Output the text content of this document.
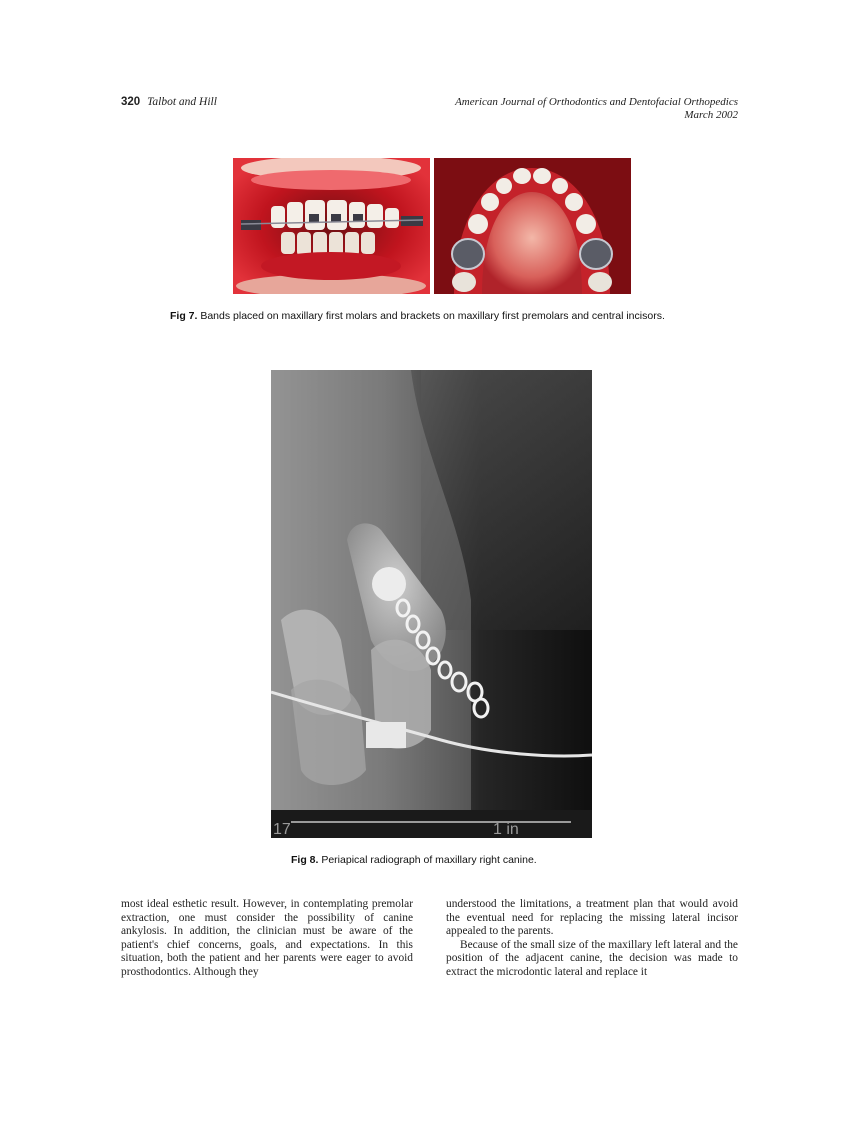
320 Talbot and Hill	American Journal of Orthodontics and Dentofacial Orthopedics
March 2002
Fig 7. Bands placed on maxillary first molars and brackets on maxillary first premolars and central incisors.
17	1 in
Fig 8. Periapical radiograph of maxillary right canine.

most ideal esthetic result. However, in contemplating premolar extraction, one must consider the possibility of canine ankylosis. In addition, the clinician must be aware of the patient's chief concerns, goals, and expectations. In this situation, both the patient and her parents were eager to avoid prosthodontics. Although they

understood the limitations, a treatment plan that would avoid the eventual need for replacing the missing lateral incisor appealed to the parents.

Because of the small size of the maxillary left lateral and the position of the adjacent canine, the decision was made to extract the microdontic lateral and replace it
